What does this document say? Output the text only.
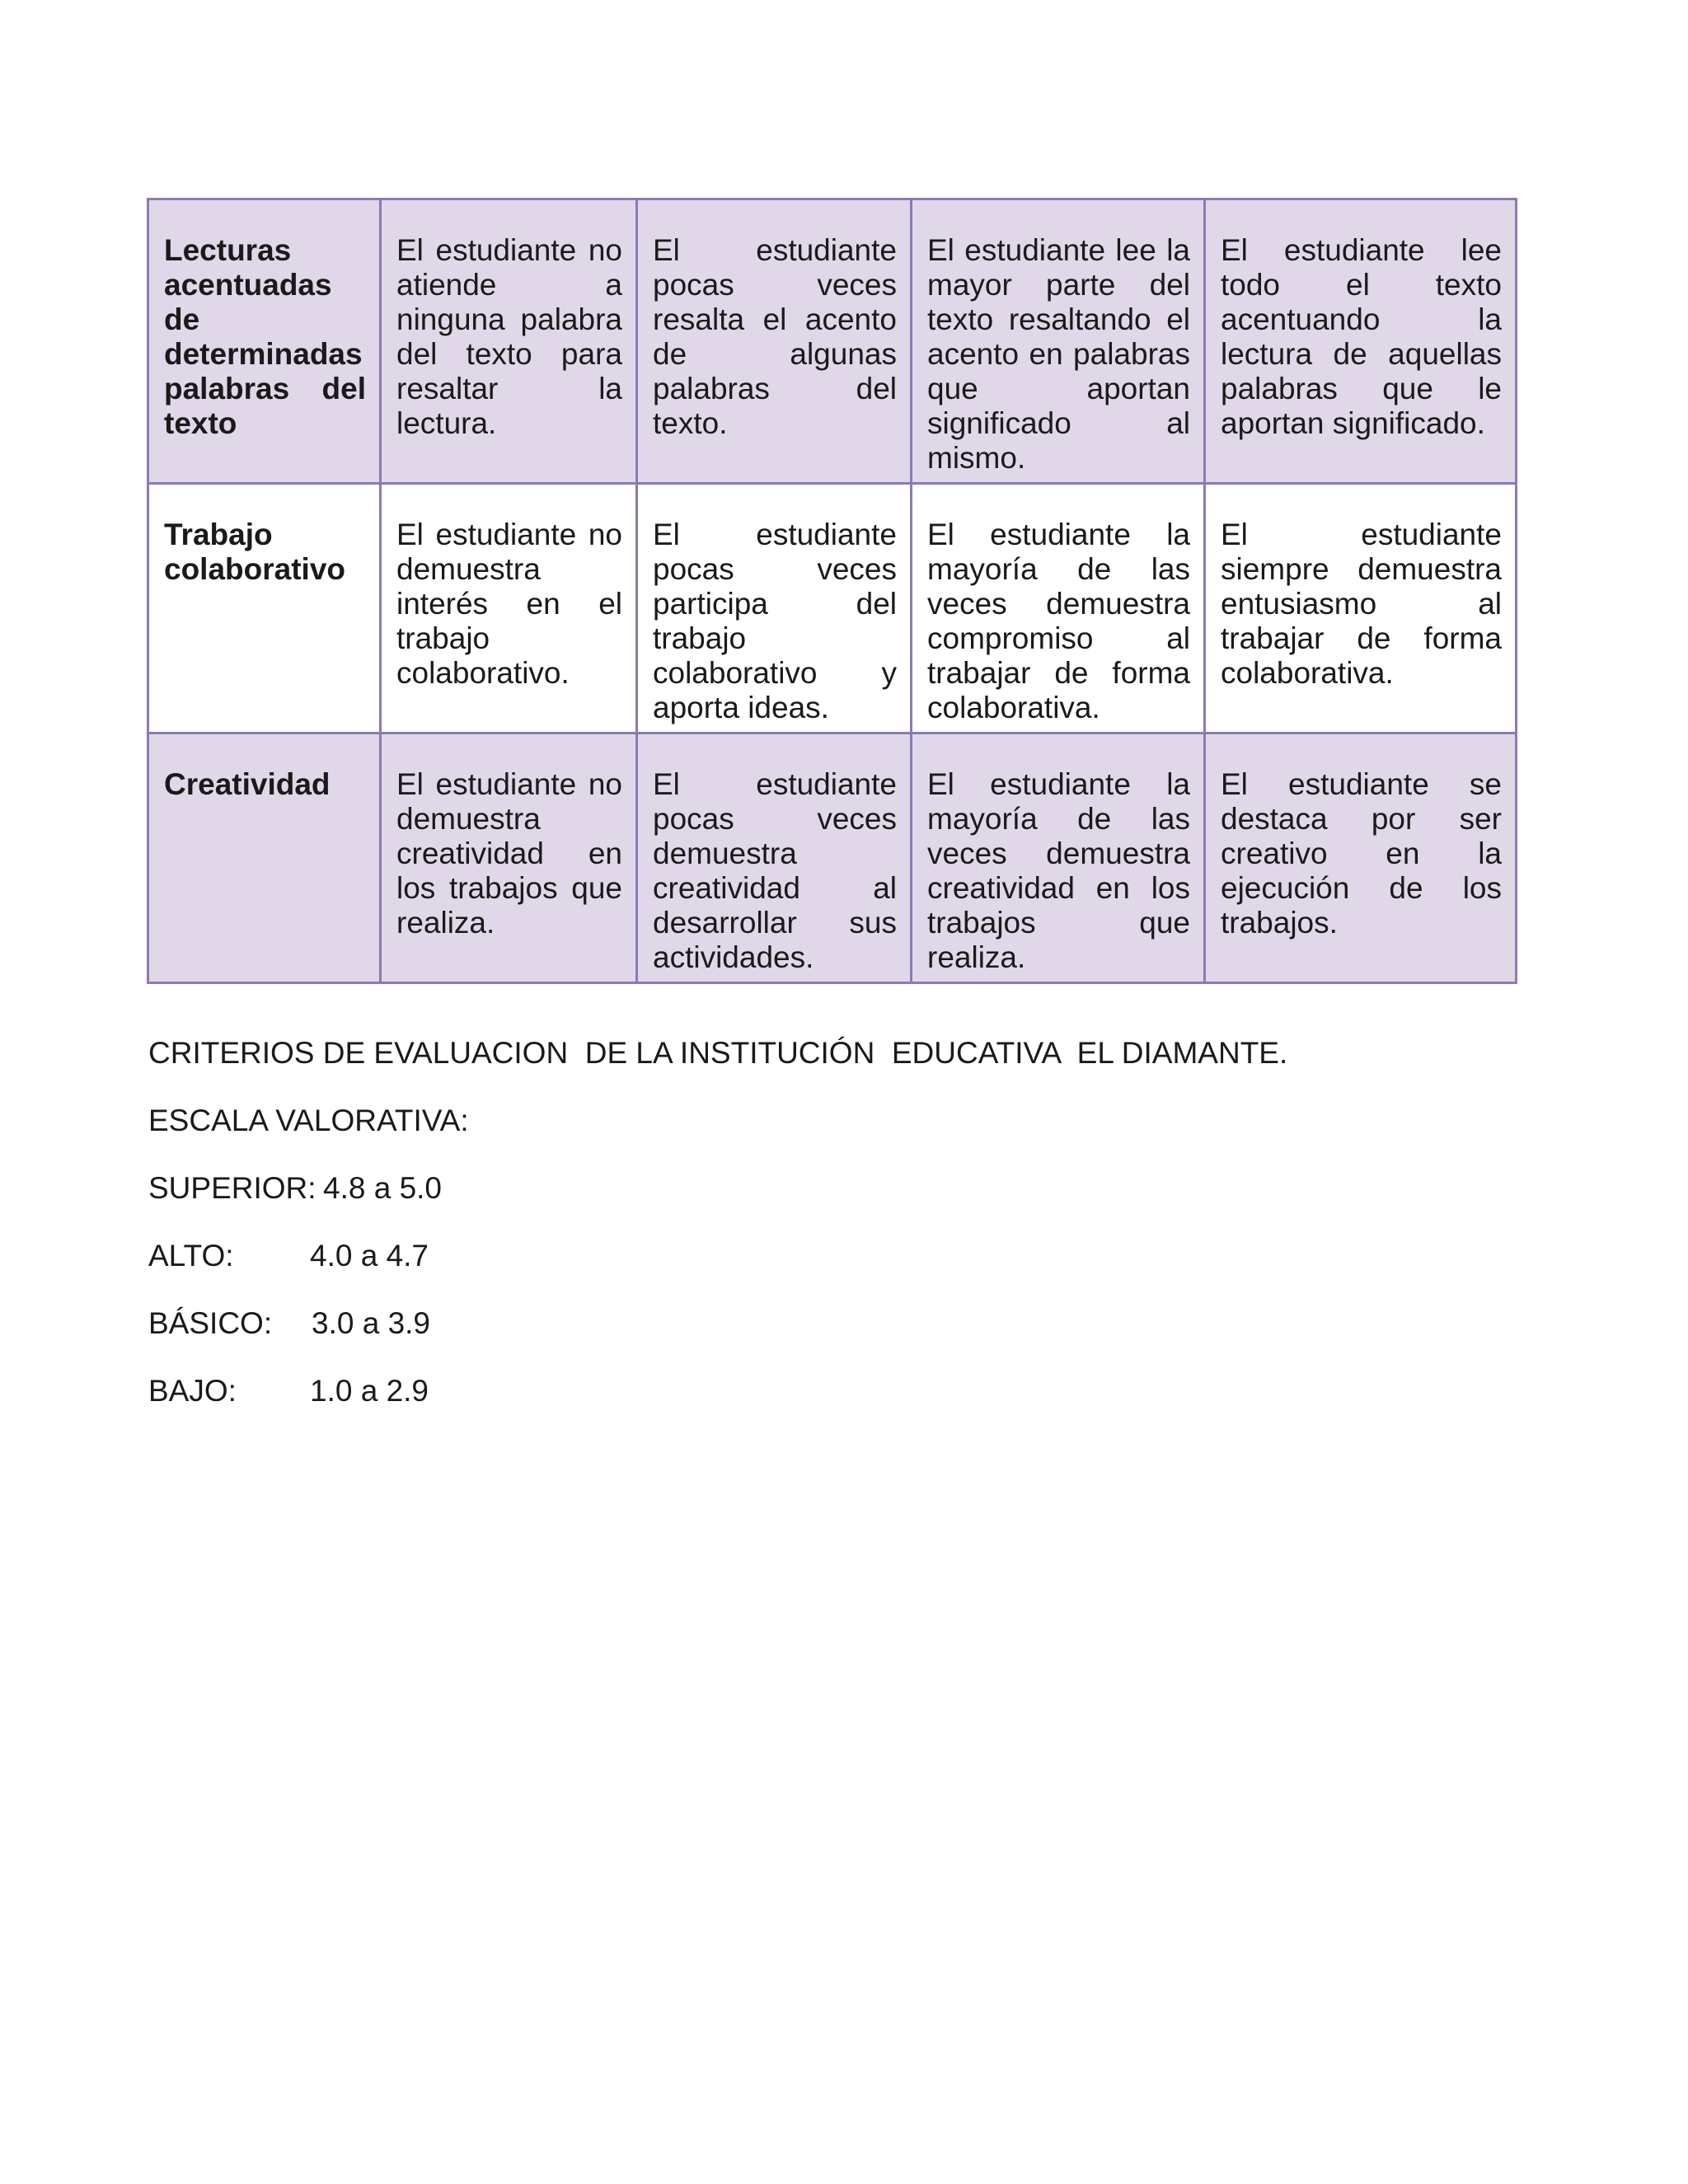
Lecturas acentuadas de determinadas palabras del texto	El estudiante no atiende a ninguna palabra del texto para resaltar la lectura.	El estudiante pocas veces resalta el acento de algunas palabras del texto.	El estudiante lee la mayor parte del texto resaltando el acento en palabras que aportan significado al mismo.	El estudiante lee todo el texto acentuando la lectura de aquellas palabras que le aportan significado.
Trabajo colaborativo	El estudiante no demuestra interés en el trabajo colaborativo.	El estudiante pocas veces participa del trabajo colaborativo y aporta ideas.	El estudiante la mayoría de las veces demuestra compromiso al trabajar de forma colaborativa.	El estudiante siempre demuestra entusiasmo al trabajar de forma colaborativa.
Creatividad	El estudiante no demuestra creatividad en los trabajos que realiza.	El estudiante pocas veces demuestra creatividad al desarrollar sus actividades.	El estudiante la mayoría de las veces demuestra creatividad en los trabajos que realiza.	El estudiante se destaca por ser creativo en la ejecución de los trabajos.
CRITERIOS DE EVALUACION  DE LA INSTITUCIÓN  EDUCATIVA  EL DIAMANTE.
ESCALA VALORATIVA:
SUPERIOR: 4.8 a 5.0
ALTO: 4.0 a 4.7
BÁSICO: 3.0 a 3.9
BAJO: 1.0 a 2.9
